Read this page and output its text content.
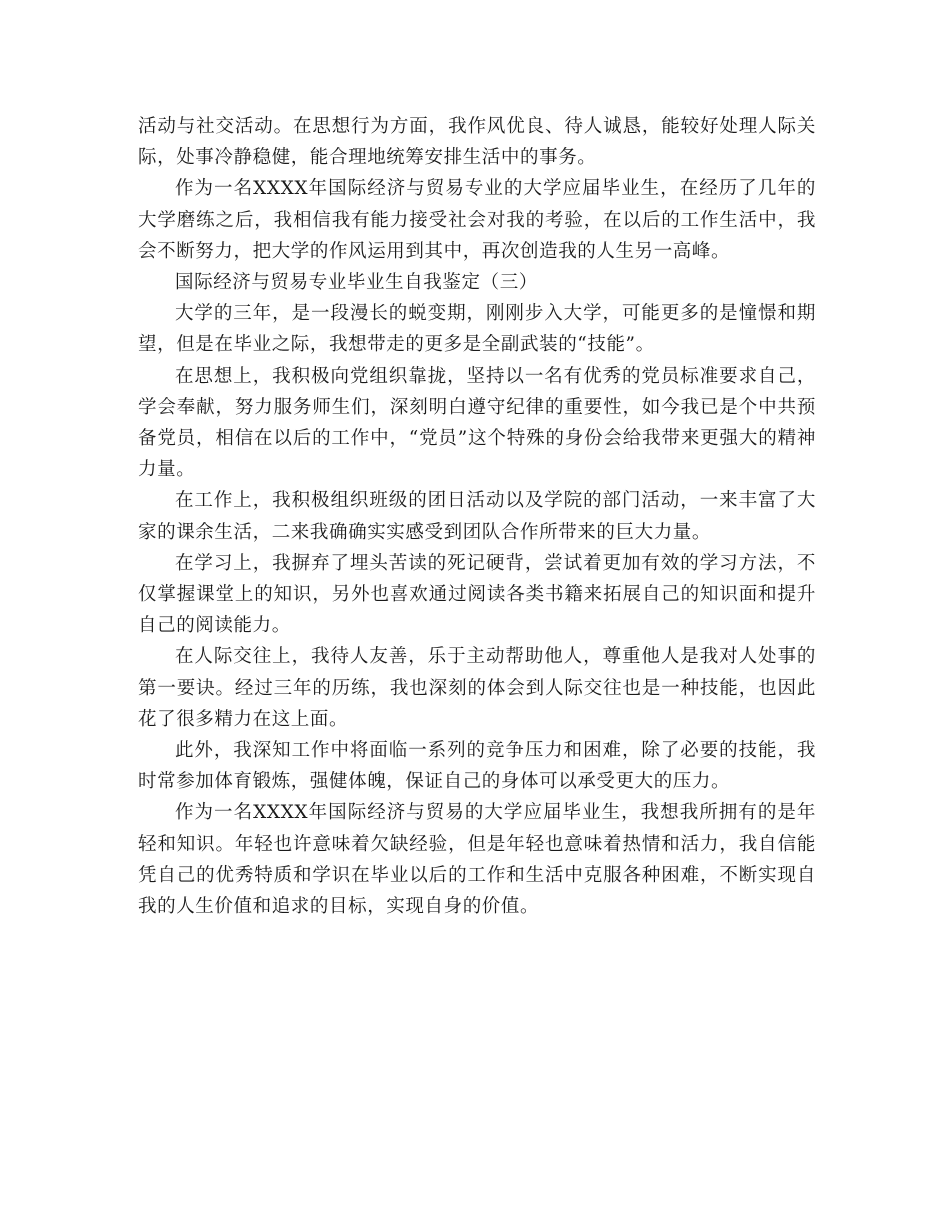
活动与社交活动。在思想行为方面，我作风优良、待人诚恳，能较好处理人际关际，处事冷静稳健，能合理地统筹安排生活中的事务。

作为一名XXXX年国际经济与贸易专业的大学应届毕业生，在经历了几年的大学磨练之后，我相信我有能力接受社会对我的考验，在以后的工作生活中，我会不断努力，把大学的作风运用到其中，再次创造我的人生另一高峰。

国际经济与贸易专业毕业生自我鉴定（三）

大学的三年，是一段漫长的蜕变期，刚刚步入大学，可能更多的是憧憬和期望，但是在毕业之际，我想带走的更多是全副武装的“技能”。

在思想上，我积极向党组织靠拢，坚持以一名有优秀的党员标准要求自己，学会奉献，努力服务师生们，深刻明白遵守纪律的重要性，如今我已是个中共预备党员，相信在以后的工作中，“党员”这个特殊的身份会给我带来更强大的精神力量。

在工作上，我积极组织班级的团日活动以及学院的部门活动，一来丰富了大家的课余生活，二来我确确实实感受到团队合作所带来的巨大力量。

在学习上，我摒弃了埋头苦读的死记硬背，尝试着更加有效的学习方法，不仅掌握课堂上的知识，另外也喜欢通过阅读各类书籍来拓展自己的知识面和提升自己的阅读能力。

在人际交往上，我待人友善，乐于主动帮助他人，尊重他人是我对人处事的第一要诀。经过三年的历练，我也深刻的体会到人际交往也是一种技能，也因此花了很多精力在这上面。

此外，我深知工作中将面临一系列的竞争压力和困难，除了必要的技能，我时常参加体育锻炼，强健体魄，保证自己的身体可以承受更大的压力。

作为一名XXXX年国际经济与贸易的大学应届毕业生，我想我所拥有的是年轻和知识。年轻也许意味着欠缺经验，但是年轻也意味着热情和活力，我自信能凭自己的优秀特质和学识在毕业以后的工作和生活中克服各种困难，不断实现自我的人生价值和追求的目标，实现自身的价值。
